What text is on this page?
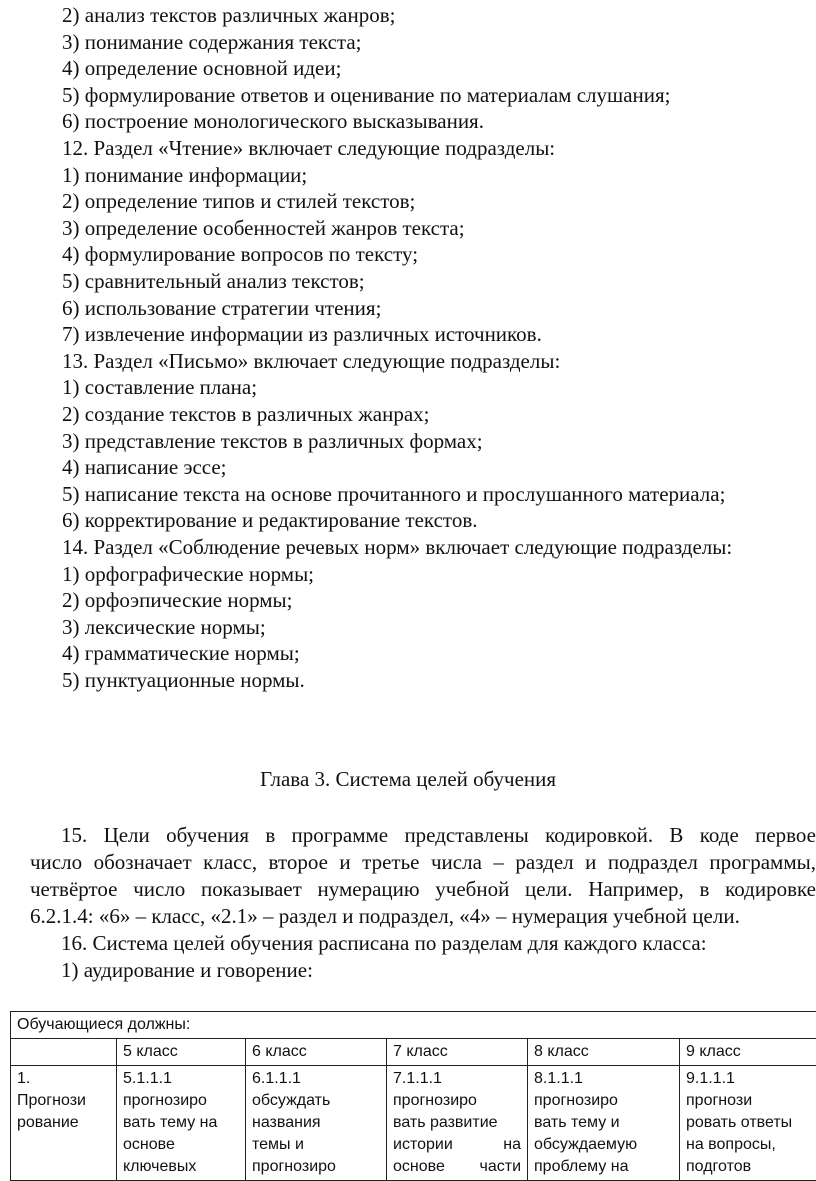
2) анализ текстов различных жанров;
3) понимание содержания текста;
4) определение основной идеи;
5) формулирование ответов и оценивание по материалам слушания;
6) построение монологического высказывания.
12. Раздел «Чтение» включает следующие подразделы:
1) понимание информации;
2) определение типов и стилей текстов;
3) определение особенностей жанров текста;
4) формулирование вопросов по тексту;
5) сравнительный анализ текстов;
6) использование стратегии чтения;
7) извлечение информации из различных источников.
13. Раздел «Письмо» включает следующие подразделы:
1) составление плана;
2) создание текстов в различных жанрах;
3) представление текстов в различных формах;
4) написание эссе;
5) написание текста на основе прочитанного и прослушанного материала;
6) корректирование и редактирование текстов.
14. Раздел «Соблюдение речевых норм» включает следующие подразделы:
1) орфографические нормы;
2) орфоэпические нормы;
3) лексические нормы;
4) грамматические нормы;
5) пунктуационные нормы.
Глава 3. Система целей обучения
15. Цели обучения в программе представлены кодировкой. В коде первое
число обозначает класс, второе и третье числа – раздел и подраздел программы,
четвёртое число показывает нумерацию учебной цели. Например, в кодировке
6.2.1.4: «6» – класс, «2.1» – раздел и подраздел, «4» – нумерация учебной цели.
16. Система целей обучения расписана по разделам для каждого класса:
1) аудирование и говорение:
Обучающиеся должны:					
	5 класс	6 класс	7 класс	8 класс	9 класс

1.
Прогнози
рование	5.1.1.1
прогнозиро
вать тему на
основе
ключевых	6.1.1.1
обсуждать
названия
темы и
прогнозиро	7.1.1.1
прогнозиро
вать развитие
истории на
основе части	8.1.1.1
прогнозиро
вать тему и
обсуждаемую
проблему на	9.1.1.1
прогнози
ровать ответы
на вопросы,
подготов
